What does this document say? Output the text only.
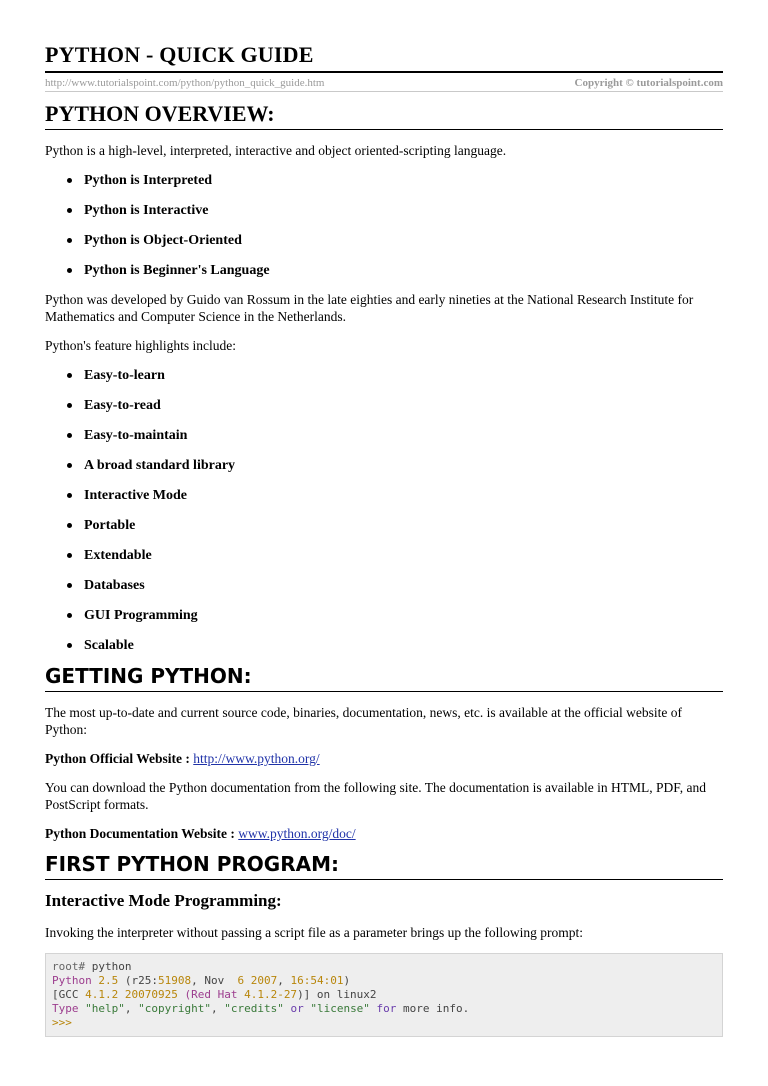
PYTHON - QUICK GUIDE
http://www.tutorialspoint.com/python/python_quick_guide.htm	Copyright © tutorialspoint.com
PYTHON OVERVIEW:

Python is a high-level, interpreted, interactive and object oriented-scripting language.

Python is Interpreted
Python is Interactive
Python is Object-Oriented
Python is Beginner's Language

Python was developed by Guido van Rossum in the late eighties and early nineties at the National Research Institute for Mathematics and Computer Science in the Netherlands.

Python's feature highlights include:

Easy-to-learn
Easy-to-read
Easy-to-maintain
A broad standard library
Interactive Mode
Portable
Extendable
Databases
GUI Programming
Scalable
GETTING PYTHON:

The most up-to-date and current source code, binaries, documentation, news, etc. is available at the official website of Python:

Python Official Website : http://www.python.org/

You can download the Python documentation from the following site. The documentation is available in HTML, PDF, and PostScript formats.

Python Documentation Website : www.python.org/doc/
FIRST PYTHON PROGRAM:
Interactive Mode Programming:

Invoking the interpreter without passing a script file as a parameter brings up the following prompt:

root# python
Python 2.5 (r25:51908, Nov  6 2007, 16:54:01)
[GCC 4.1.2 20070925 (Red Hat 4.1.2-27)] on linux2
Type "help", "copyright", "credits" or "license" for more info.
>>>
